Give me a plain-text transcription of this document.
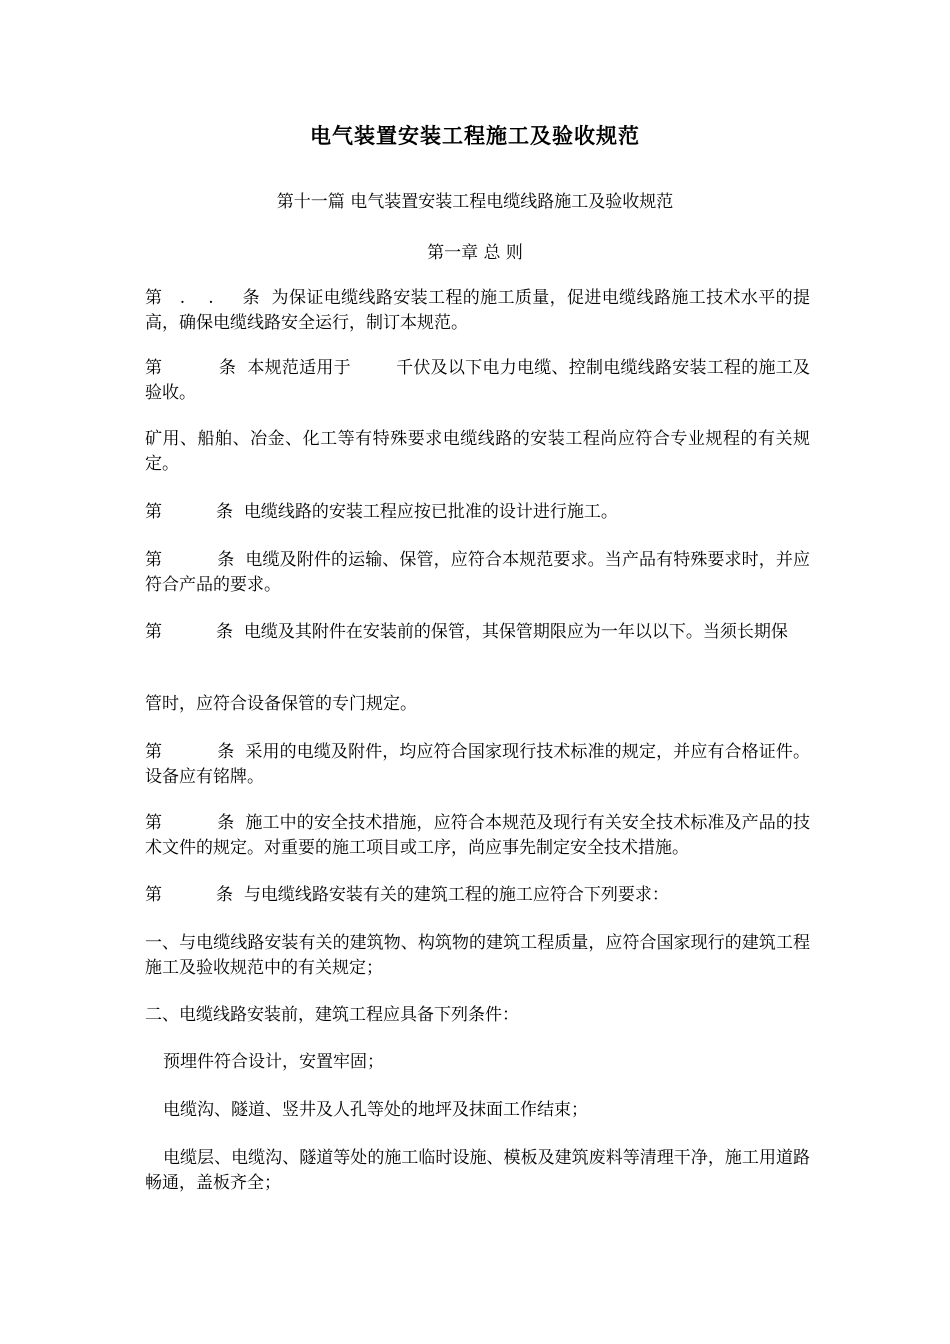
电气装置安装工程施工及验收规范
第十一篇 电气装置安装工程电缆线路施工及验收规范
第一章 总 则
第   .    .     条  为保证电缆线路安装工程的施工质量，促进电缆线路施工技术水平的提高，确保电缆线路安全运行，制订本规范。
第          条  本规范适用于        千伏及以下电力电缆、控制电缆线路安装工程的施工及验收。
矿用、船舶、冶金、化工等有特殊要求电缆线路的安装工程尚应符合专业规程的有关规定。
第          条  电缆线路的安装工程应按已批准的设计进行施工。
第          条  电缆及附件的运输、保管，应符合本规范要求。当产品有特殊要求时，并应符合产品的要求。
第          条  电缆及其附件在安装前的保管，其保管期限应为一年以以下。当须长期保
管时，应符合设备保管的专门规定。
第          条  采用的电缆及附件，均应符合国家现行技术标准的规定，并应有合格证件。设备应有铭牌。
第          条  施工中的安全技术措施，应符合本规范及现行有关安全技术标准及产品的技术文件的规定。对重要的施工项目或工序，尚应事先制定安全技术措施。
第          条  与电缆线路安装有关的建筑工程的施工应符合下列要求：
一、与电缆线路安装有关的建筑物、构筑物的建筑工程质量，应符合国家现行的建筑工程施工及验收规范中的有关规定；
二、电缆线路安装前，建筑工程应具备下列条件：
预埋件符合设计，安置牢固；
电缆沟、隧道、竖井及人孔等处的地坪及抹面工作结束；
电缆层、电缆沟、隧道等处的施工临时设施、模板及建筑废料等清理干净，施工用道路畅通，盖板齐全；
